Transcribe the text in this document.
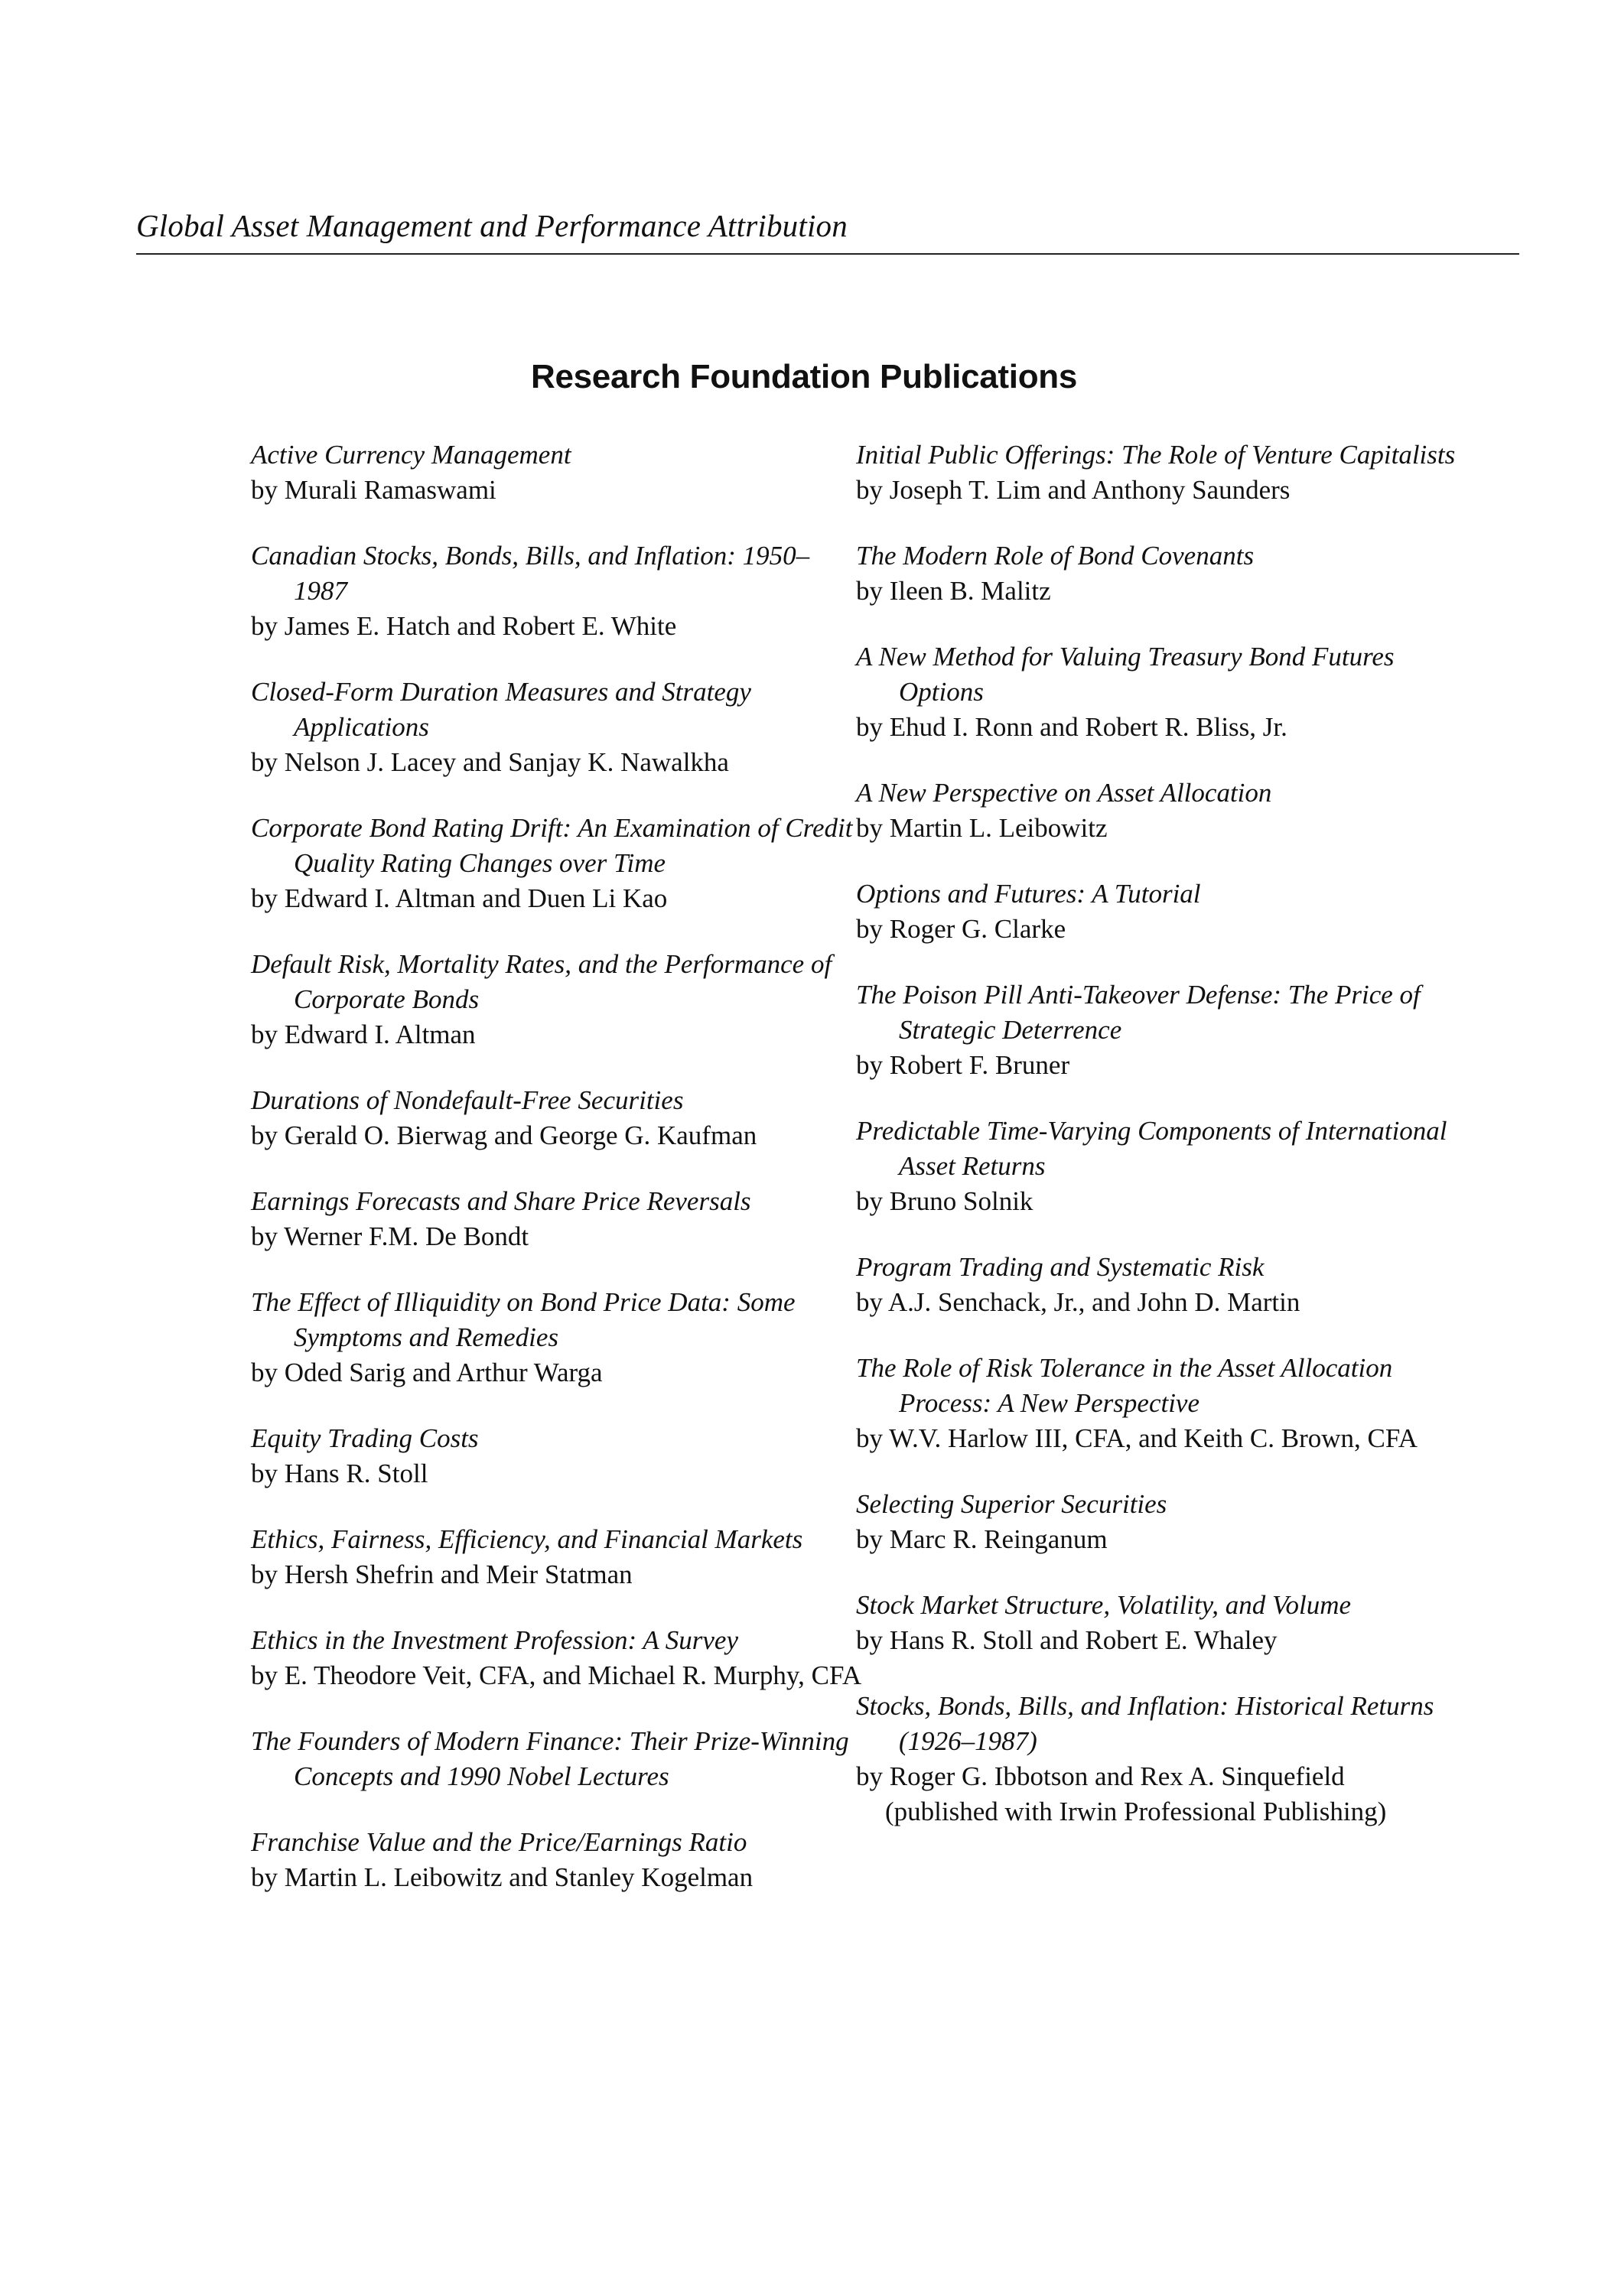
Global Asset Management and Performance Attribution
Research Foundation Publications
Active Currency Management
by Murali Ramaswami
Canadian Stocks, Bonds, Bills, and Inflation: 1950–1987
by James E. Hatch and Robert E. White
Closed-Form Duration Measures and Strategy Applications
by Nelson J. Lacey and Sanjay K. Nawalkha
Corporate Bond Rating Drift: An Examination of Credit Quality Rating Changes over Time
by Edward I. Altman and Duen Li Kao
Default Risk, Mortality Rates, and the Performance of Corporate Bonds
by Edward I. Altman
Durations of Nondefault-Free Securities
by Gerald O. Bierwag and George G. Kaufman
Earnings Forecasts and Share Price Reversals
by Werner F.M. De Bondt
The Effect of Illiquidity on Bond Price Data: Some Symptoms and Remedies
by Oded Sarig and Arthur Warga
Equity Trading Costs
by Hans R. Stoll
Ethics, Fairness, Efficiency, and Financial Markets
by Hersh Shefrin and Meir Statman
Ethics in the Investment Profession: A Survey
by E. Theodore Veit, CFA, and Michael R. Murphy, CFA
The Founders of Modern Finance: Their Prize-Winning Concepts and 1990 Nobel Lectures
Franchise Value and the Price/Earnings Ratio
by Martin L. Leibowitz and Stanley Kogelman
Initial Public Offerings: The Role of Venture Capitalists
by Joseph T. Lim and Anthony Saunders
The Modern Role of Bond Covenants
by Ileen B. Malitz
A New Method for Valuing Treasury Bond Futures Options
by Ehud I. Ronn and Robert R. Bliss, Jr.
A New Perspective on Asset Allocation
by Martin L. Leibowitz
Options and Futures: A Tutorial
by Roger G. Clarke
The Poison Pill Anti-Takeover Defense: The Price of Strategic Deterrence
by Robert F. Bruner
Predictable Time-Varying Components of International Asset Returns
by Bruno Solnik
Program Trading and Systematic Risk
by A.J. Senchack, Jr., and John D. Martin
The Role of Risk Tolerance in the Asset Allocation Process: A New Perspective
by W.V. Harlow III, CFA, and Keith C. Brown, CFA
Selecting Superior Securities
by Marc R. Reinganum
Stock Market Structure, Volatility, and Volume
by Hans R. Stoll and Robert E. Whaley
Stocks, Bonds, Bills, and Inflation: Historical Returns (1926–1987)
by Roger G. Ibbotson and Rex A. Sinquefield
(published with Irwin Professional Publishing)
